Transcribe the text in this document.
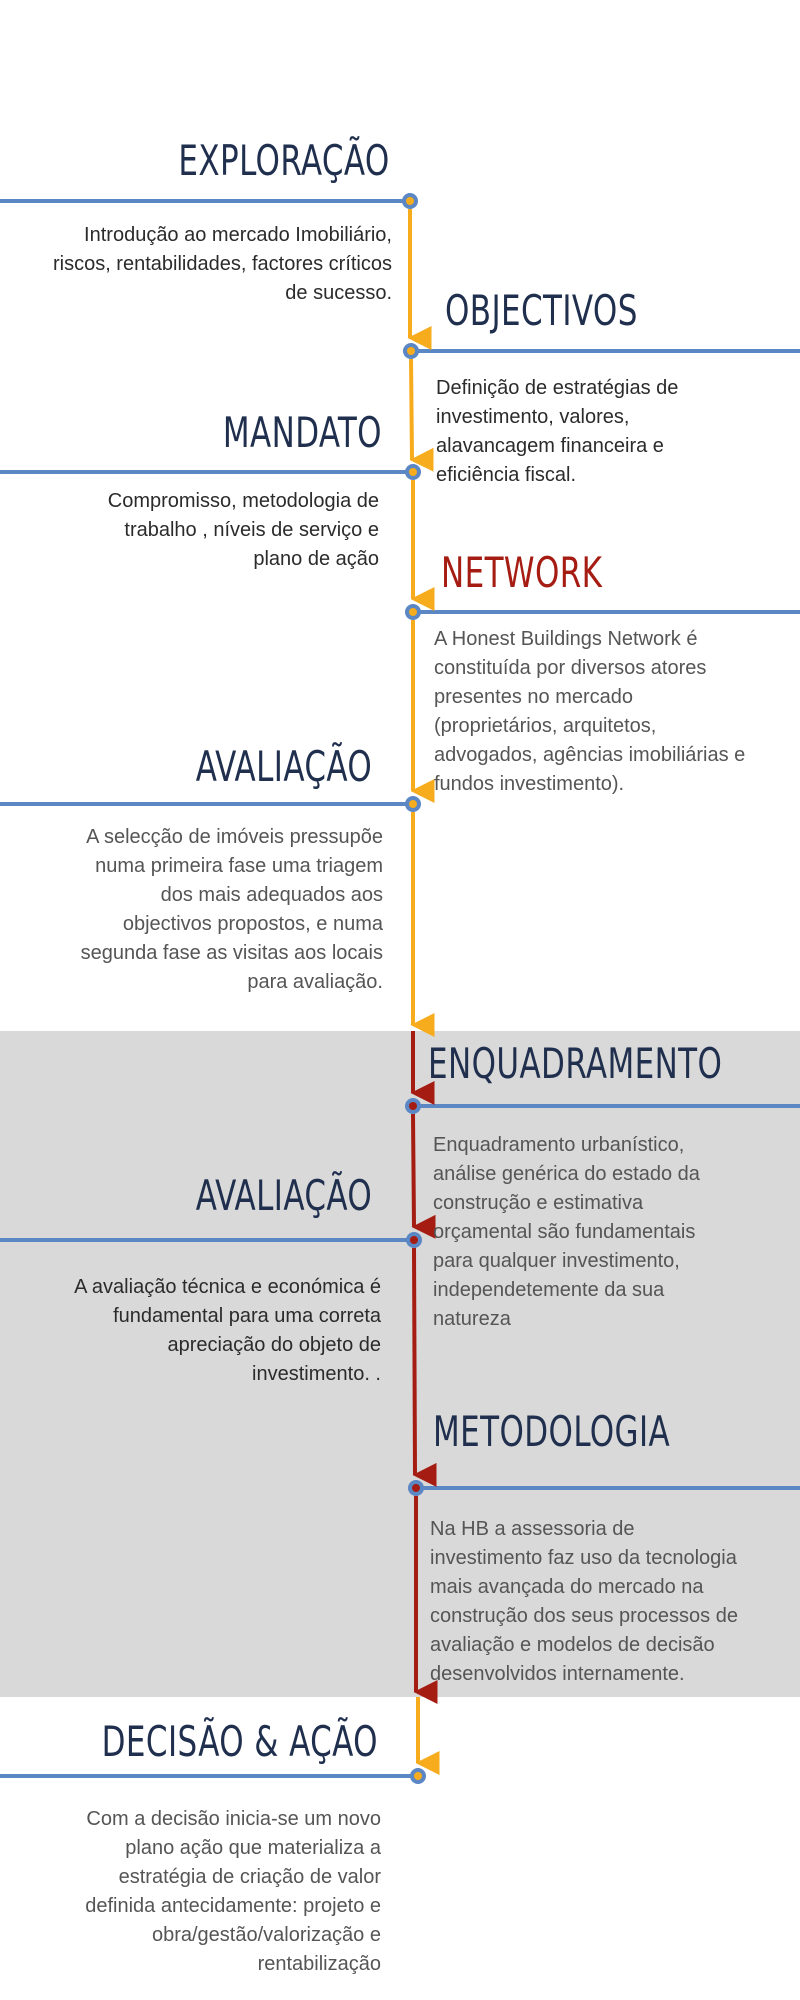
EXPLORAÇÃO
Introdução ao mercado Imobiliário,
riscos, rentabilidades, factores críticos
de sucesso. OBJECTIVOS
Definição de estratégias de
investimento, valores,
alavancagem financeira e
eficiência fiscal.
MANDATO
Compromisso, metodologia de
trabalho , níveis de serviço e
plano de ação NETWORK
A Honest Buildings Network é
constituída por diversos atores
presentes no mercado
(proprietários, arquitetos,
advogados, agências imobiliárias e
fundos investimento).
AVALIAÇÃO
A selecção de imóveis pressupõe
numa primeira fase uma triagem
dos mais adequados aos
objectivos propostos, e numa
segunda fase as visitas aos locais
para avaliação.
ENQUADRAMENTO
Enquadramento urbanístico,
análise genérica do estado da
construção e estimativa
orçamental são fundamentais
para qualquer investimento,
independetemente da sua
natureza
AVALIAÇÃO
A avaliação técnica e económica é
fundamental para uma correta
apreciação do objeto de
investimento. .
METODOLOGIA
Na HB a assessoria de
investimento faz uso da tecnologia
mais avançada do mercado na
construção dos seus processos de
avaliação e modelos de decisão
desenvolvidos internamente.
DECISÃO & AÇÃO
Com a decisão inicia-se um novo
plano ação que materializa a
estratégia de criação de valor
definida antecidamente: projeto e
obra/gestão/valorização e
rentabilização
